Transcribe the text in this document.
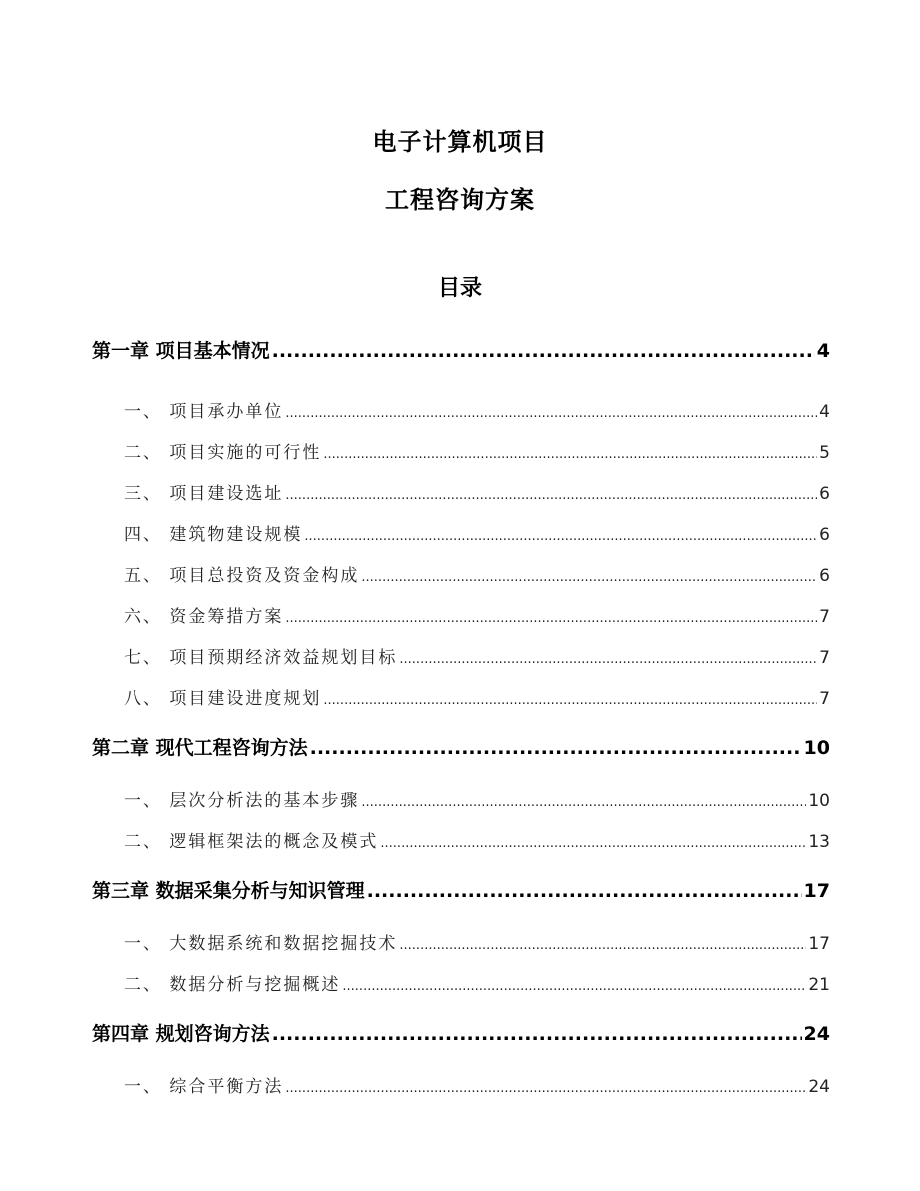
电子计算机项目
工程咨询方案
目录
第一章 项目基本情况 .....	4
一、 项目承办单位 .....	4
二、 项目实施的可行性 .....	5
三、 项目建设选址 .....	6
四、 建筑物建设规模 .....	6
五、 项目总投资及资金构成 .....	6
六、 资金筹措方案 .....	7
七、 项目预期经济效益规划目标 .....	7
八、 项目建设进度规划 .....	7
第二章 现代工程咨询方法 .....	10
一、 层次分析法的基本步骤 .....	10
二、 逻辑框架法的概念及模式 .....	13
第三章 数据采集分析与知识管理 .....	17
一、 大数据系统和数据挖掘技术 .....	17
二、 数据分析与挖掘概述 .....	21
第四章 规划咨询方法 .....	24
一、 综合平衡方法 .....	24
